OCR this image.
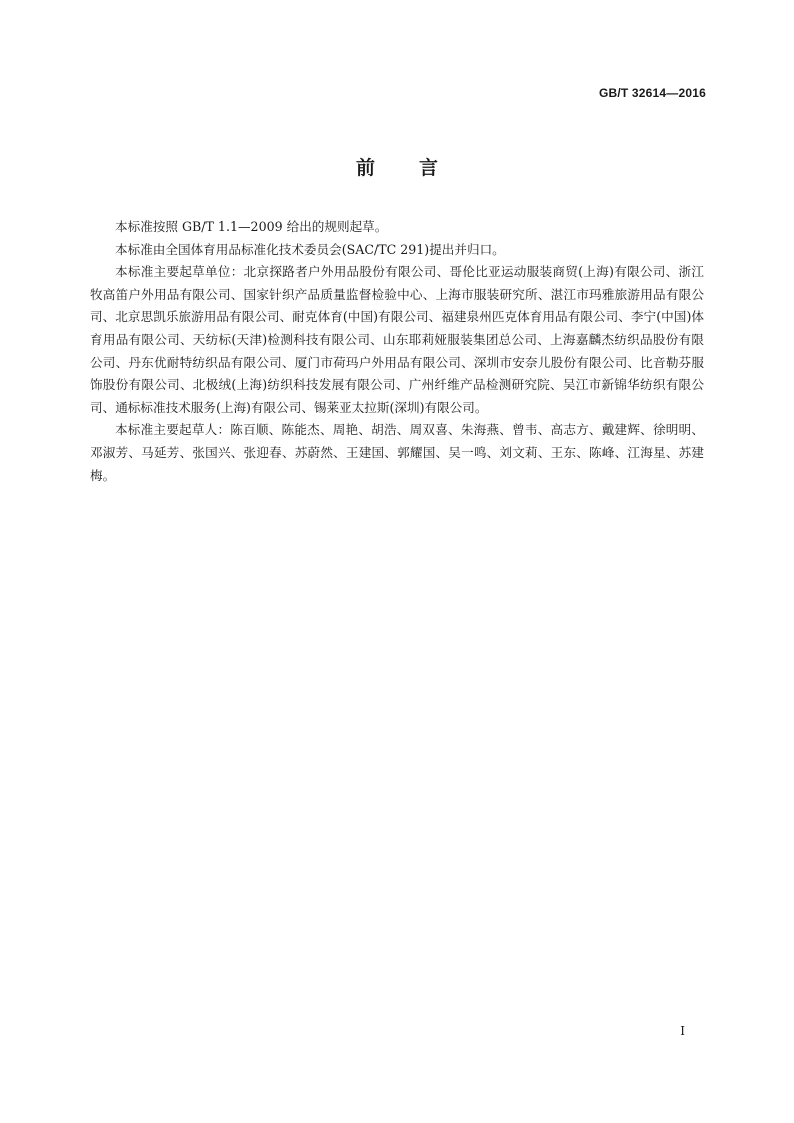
GB/T 32614—2016
前言

本标准按照 GB/T 1.1—2009 给出的规则起草。

本标准由全国体育用品标准化技术委员会(SAC/TC 291)提出并归口。

本标准主要起草单位：北京探路者户外用品股份有限公司、哥伦比亚运动服装商贸(上海)有限公司、浙江牧高笛户外用品有限公司、国家针织产品质量监督检验中心、上海市服装研究所、湛江市玛雅旅游用品有限公司、北京思凯乐旅游用品有限公司、耐克体育(中国)有限公司、福建泉州匹克体育用品有限公司、李宁(中国)体育用品有限公司、天纺标(天津)检测科技有限公司、山东耶莉娅服装集团总公司、上海嘉麟杰纺织品股份有限公司、丹东优耐特纺织品有限公司、厦门市荷玛户外用品有限公司、深圳市安奈儿股份有限公司、比音勒芬服饰股份有限公司、北极绒(上海)纺织科技发展有限公司、广州纤维产品检测研究院、吴江市新锦华纺织有限公司、通标标准技术服务(上海)有限公司、锡莱亚太拉斯(深圳)有限公司。

本标准主要起草人：陈百顺、陈能杰、周艳、胡浩、周双喜、朱海燕、曾韦、高志方、戴建辉、徐明明、邓淑芳、马延芳、张国兴、张迎春、苏蔚然、王建国、郭耀国、吴一鸣、刘文莉、王东、陈峰、江海星、苏建梅。

I
